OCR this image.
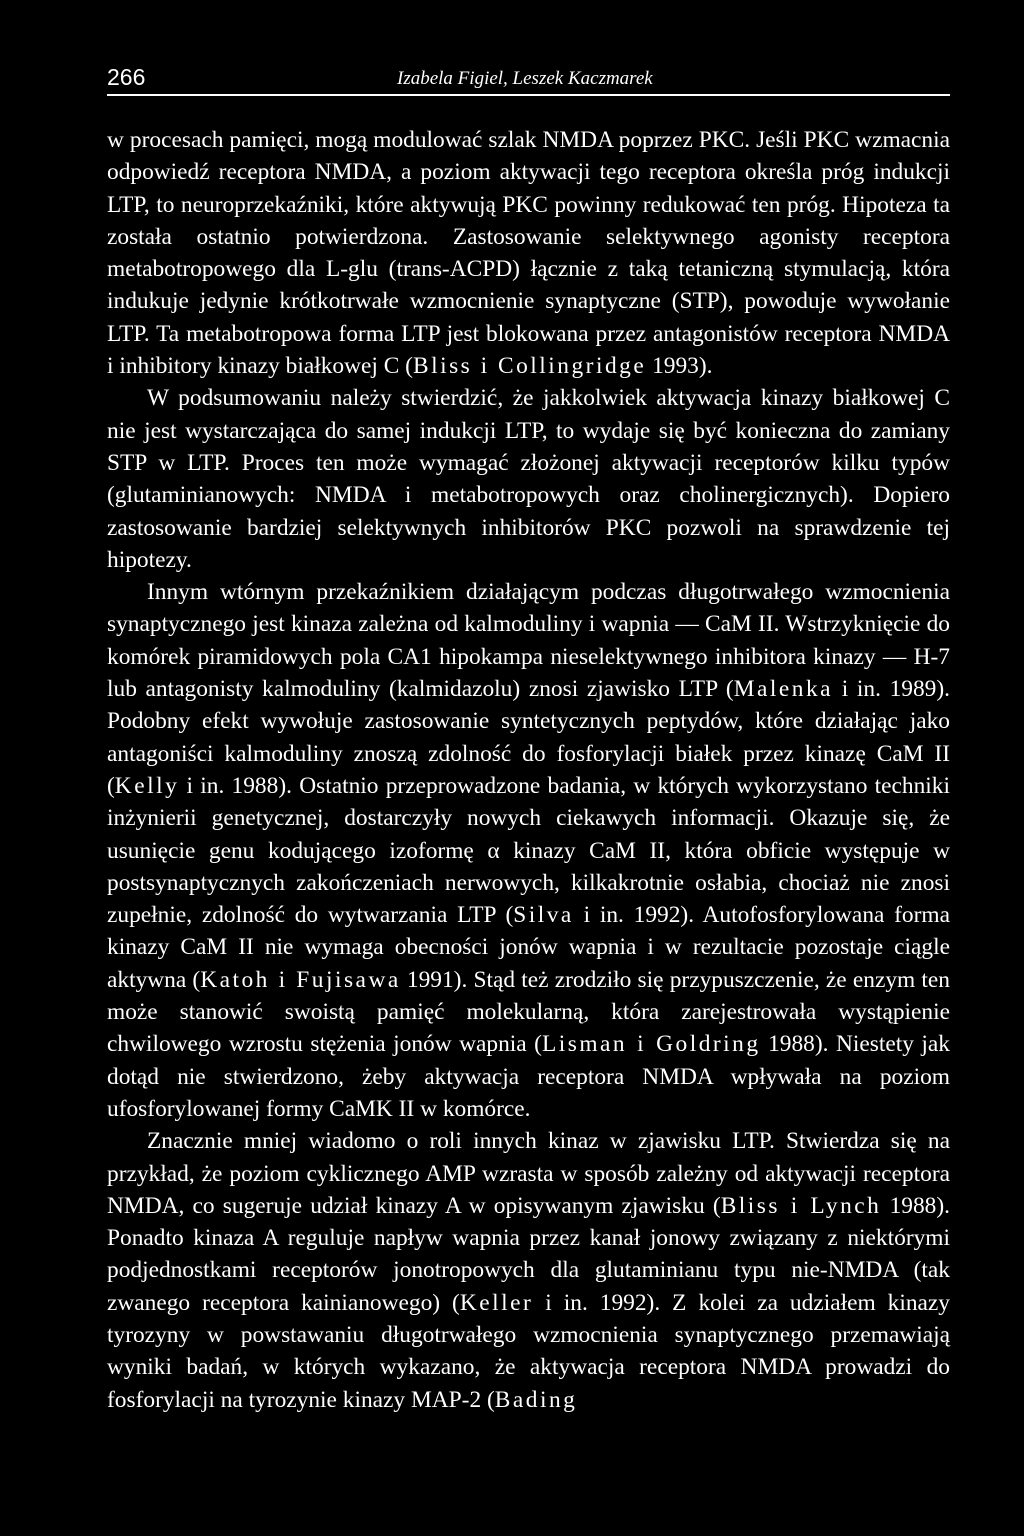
266	Izabela Figiel, Leszek Kaczmarek

w procesach pamięci, mogą modulować szlak NMDA poprzez PKC. Jeśli PKC wzmacnia odpowiedź receptora NMDA, a poziom aktywacji tego receptora określa próg indukcji LTP, to neuroprzekaźniki, które aktywują PKC powinny redukować ten próg. Hipoteza ta została ostatnio potwierdzona. Zastosowanie selektywnego agonisty receptora metabotropowego dla L-glu (trans-ACPD) łącznie z taką tetaniczną stymulacją, która indukuje jedynie krótkotrwałe wzmocnienie synaptyczne (STP), powoduje wywołanie LTP. Ta metabotropowa forma LTP jest blokowana przez antagonistów receptora NMDA i inhibitory kinazy białkowej C (Bliss i Collingridge 1993).

W podsumowaniu należy stwierdzić, że jakkolwiek aktywacja kinazy białkowej C nie jest wystarczająca do samej indukcji LTP, to wydaje się być konieczna do zamiany STP w LTP. Proces ten może wymagać złożonej aktywacji receptorów kilku typów (glutaminianowych: NMDA i metabotropowych oraz cholinergicznych). Dopiero zastosowanie bardziej selektywnych inhibitorów PKC pozwoli na sprawdzenie tej hipotezy.

Innym wtórnym przekaźnikiem działającym podczas długotrwałego wzmocnienia synaptycznego jest kinaza zależna od kalmoduliny i wapnia — CaM II. Wstrzyknięcie do komórek piramidowych pola CA1 hipokampa nieselektywnego inhibitora kinazy — H-7 lub antagonisty kalmoduliny (kalmidazolu) znosi zjawisko LTP (Malenka i in. 1989). Podobny efekt wywołuje zastosowanie syntetycznych peptydów, które działając jako antagoniści kalmoduliny znoszą zdolność do fosforylacji białek przez kinazę CaM II (Kelly i in. 1988). Ostatnio przeprowadzone badania, w których wykorzystano techniki inżynierii genetycznej, dostarczyły nowych ciekawych informacji. Okazuje się, że usunięcie genu kodującego izoformę α kinazy CaM II, która obficie występuje w postsynaptycznych zakończeniach nerwowych, kilkakrotnie osłabia, chociaż nie znosi zupełnie, zdolność do wytwarzania LTP (Silva i in. 1992). Autofosforylowana forma kinazy CaM II nie wymaga obecności jonów wapnia i w rezultacie pozostaje ciągle aktywna (Katoh i Fujisawa 1991). Stąd też zrodziło się przypuszczenie, że enzym ten może stanowić swoistą pamięć molekularną, która zarejestrowała wystąpienie chwilowego wzrostu stężenia jonów wapnia (Lisman i Goldring 1988). Niestety jak dotąd nie stwierdzono, żeby aktywacja receptora NMDA wpływała na poziom ufosforylowanej formy CaMK II w komórce.

Znacznie mniej wiadomo o roli innych kinaz w zjawisku LTP. Stwierdza się na przykład, że poziom cyklicznego AMP wzrasta w sposób zależny od aktywacji receptora NMDA, co sugeruje udział kinazy A w opisywanym zjawisku (Bliss i Lynch 1988). Ponadto kinaza A reguluje napływ wapnia przez kanał jonowy związany z niektórymi podjednostkami receptorów jonotropowych dla glutaminianu typu nie-NMDA (tak zwanego receptora kainianowego) (Keller i in. 1992). Z kolei za udziałem kinazy tyrozyny w powstawaniu długotrwałego wzmocnienia synaptycznego przemawiają wyniki badań, w których wykazano, że aktywacja receptora NMDA prowadzi do fosforylacji na tyrozynie kinazy MAP-2 (Bading
